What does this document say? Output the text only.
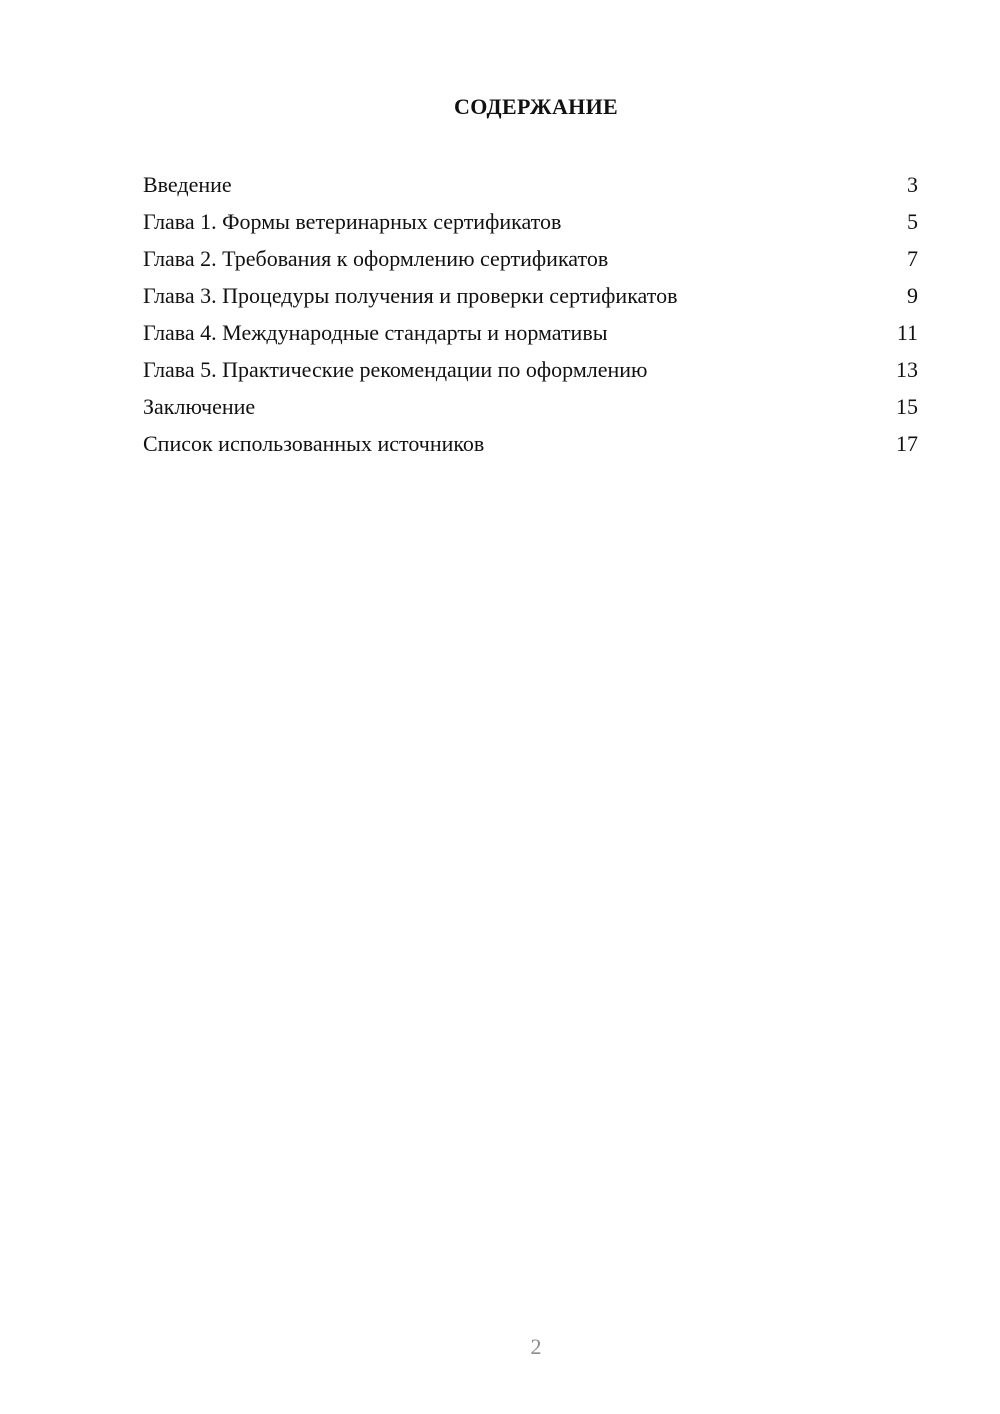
СОДЕРЖАНИЕ
Введение	3
Глава 1. Формы ветеринарных сертификатов	5
Глава 2. Требования к оформлению сертификатов	7
Глава 3. Процедуры получения и проверки сертификатов	9
Глава 4. Международные стандарты и нормативы	11
Глава 5. Практические рекомендации по оформлению	13
Заключение	15
Список использованных источников	17
2
